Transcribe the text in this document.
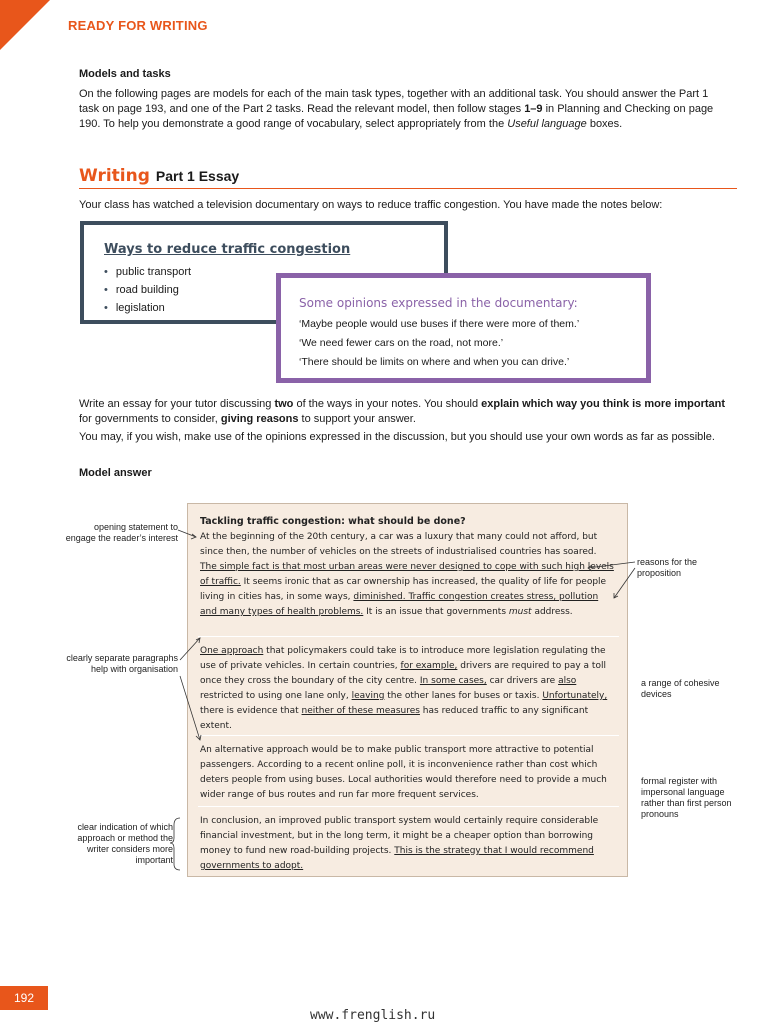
READY FOR WRITING
Models and tasks
On the following pages are models for each of the main task types, together with an additional task. You should answer the Part 1 task on page 193, and one of the Part 2 tasks. Read the relevant model, then follow stages 1–9 in Planning and Checking on page 190. To help you demonstrate a good range of vocabulary, select appropriately from the Useful language boxes.
Writing Part 1 Essay
Your class has watched a television documentary on ways to reduce traffic congestion. You have made the notes below:
Ways to reduce traffic congestion
• public transport
• road building
• legislation	Some opinions expressed in the documentary:
‘Maybe people would use buses if there were more of them.’
‘We need fewer cars on the road, not more.’
‘There should be limits on where and when you can drive.’
Write an essay for your tutor discussing two of the ways in your notes. You should explain which way you think is more important for governments to consider, giving reasons to support your answer.
You may, if you wish, make use of the opinions expressed in the discussion, but you should use your own words as far as possible.
Model answer
Tackling traffic congestion: what should be done?
At the beginning of the 20th century, a car was a luxury that many could not afford, but since then, the number of vehicles on the streets of industrialised countries has soared. The simple fact is that most urban areas were never designed to cope with such high levels of traffic. It seems ironic that as car ownership has increased, the quality of life for people living in cities has, in some ways, diminished. Traffic congestion creates stress, pollution and many types of health problems. It is an issue that governments must address.
One approach that policymakers could take is to introduce more legislation regulating the use of private vehicles. In certain countries, for example, drivers are required to pay a toll once they cross the boundary of the city centre. In some cases, car drivers are also restricted to using one lane only, leaving the other lanes for buses or taxis. Unfortunately, there is evidence that neither of these measures has reduced traffic to any significant extent.
An alternative approach would be to make public transport more attractive to potential passengers. According to a recent online poll, it is inconvenience rather than cost which deters people from using buses. Local authorities would therefore need to provide a much wider range of bus routes and run far more frequent services.
In conclusion, an improved public transport system would certainly require considerable financial investment, but in the long term, it might be a cheaper option than borrowing money to fund new road-building projects. This is the strategy that I would recommend governments to adopt.
opening statement to engage the reader’s interest
clearly separate paragraphs help with organisation
clear indication of which approach or method the writer considers more important
reasons for the proposition
a range of cohesive devices
formal register with impersonal language rather than first person pronouns
192
www.frenglish.ru
